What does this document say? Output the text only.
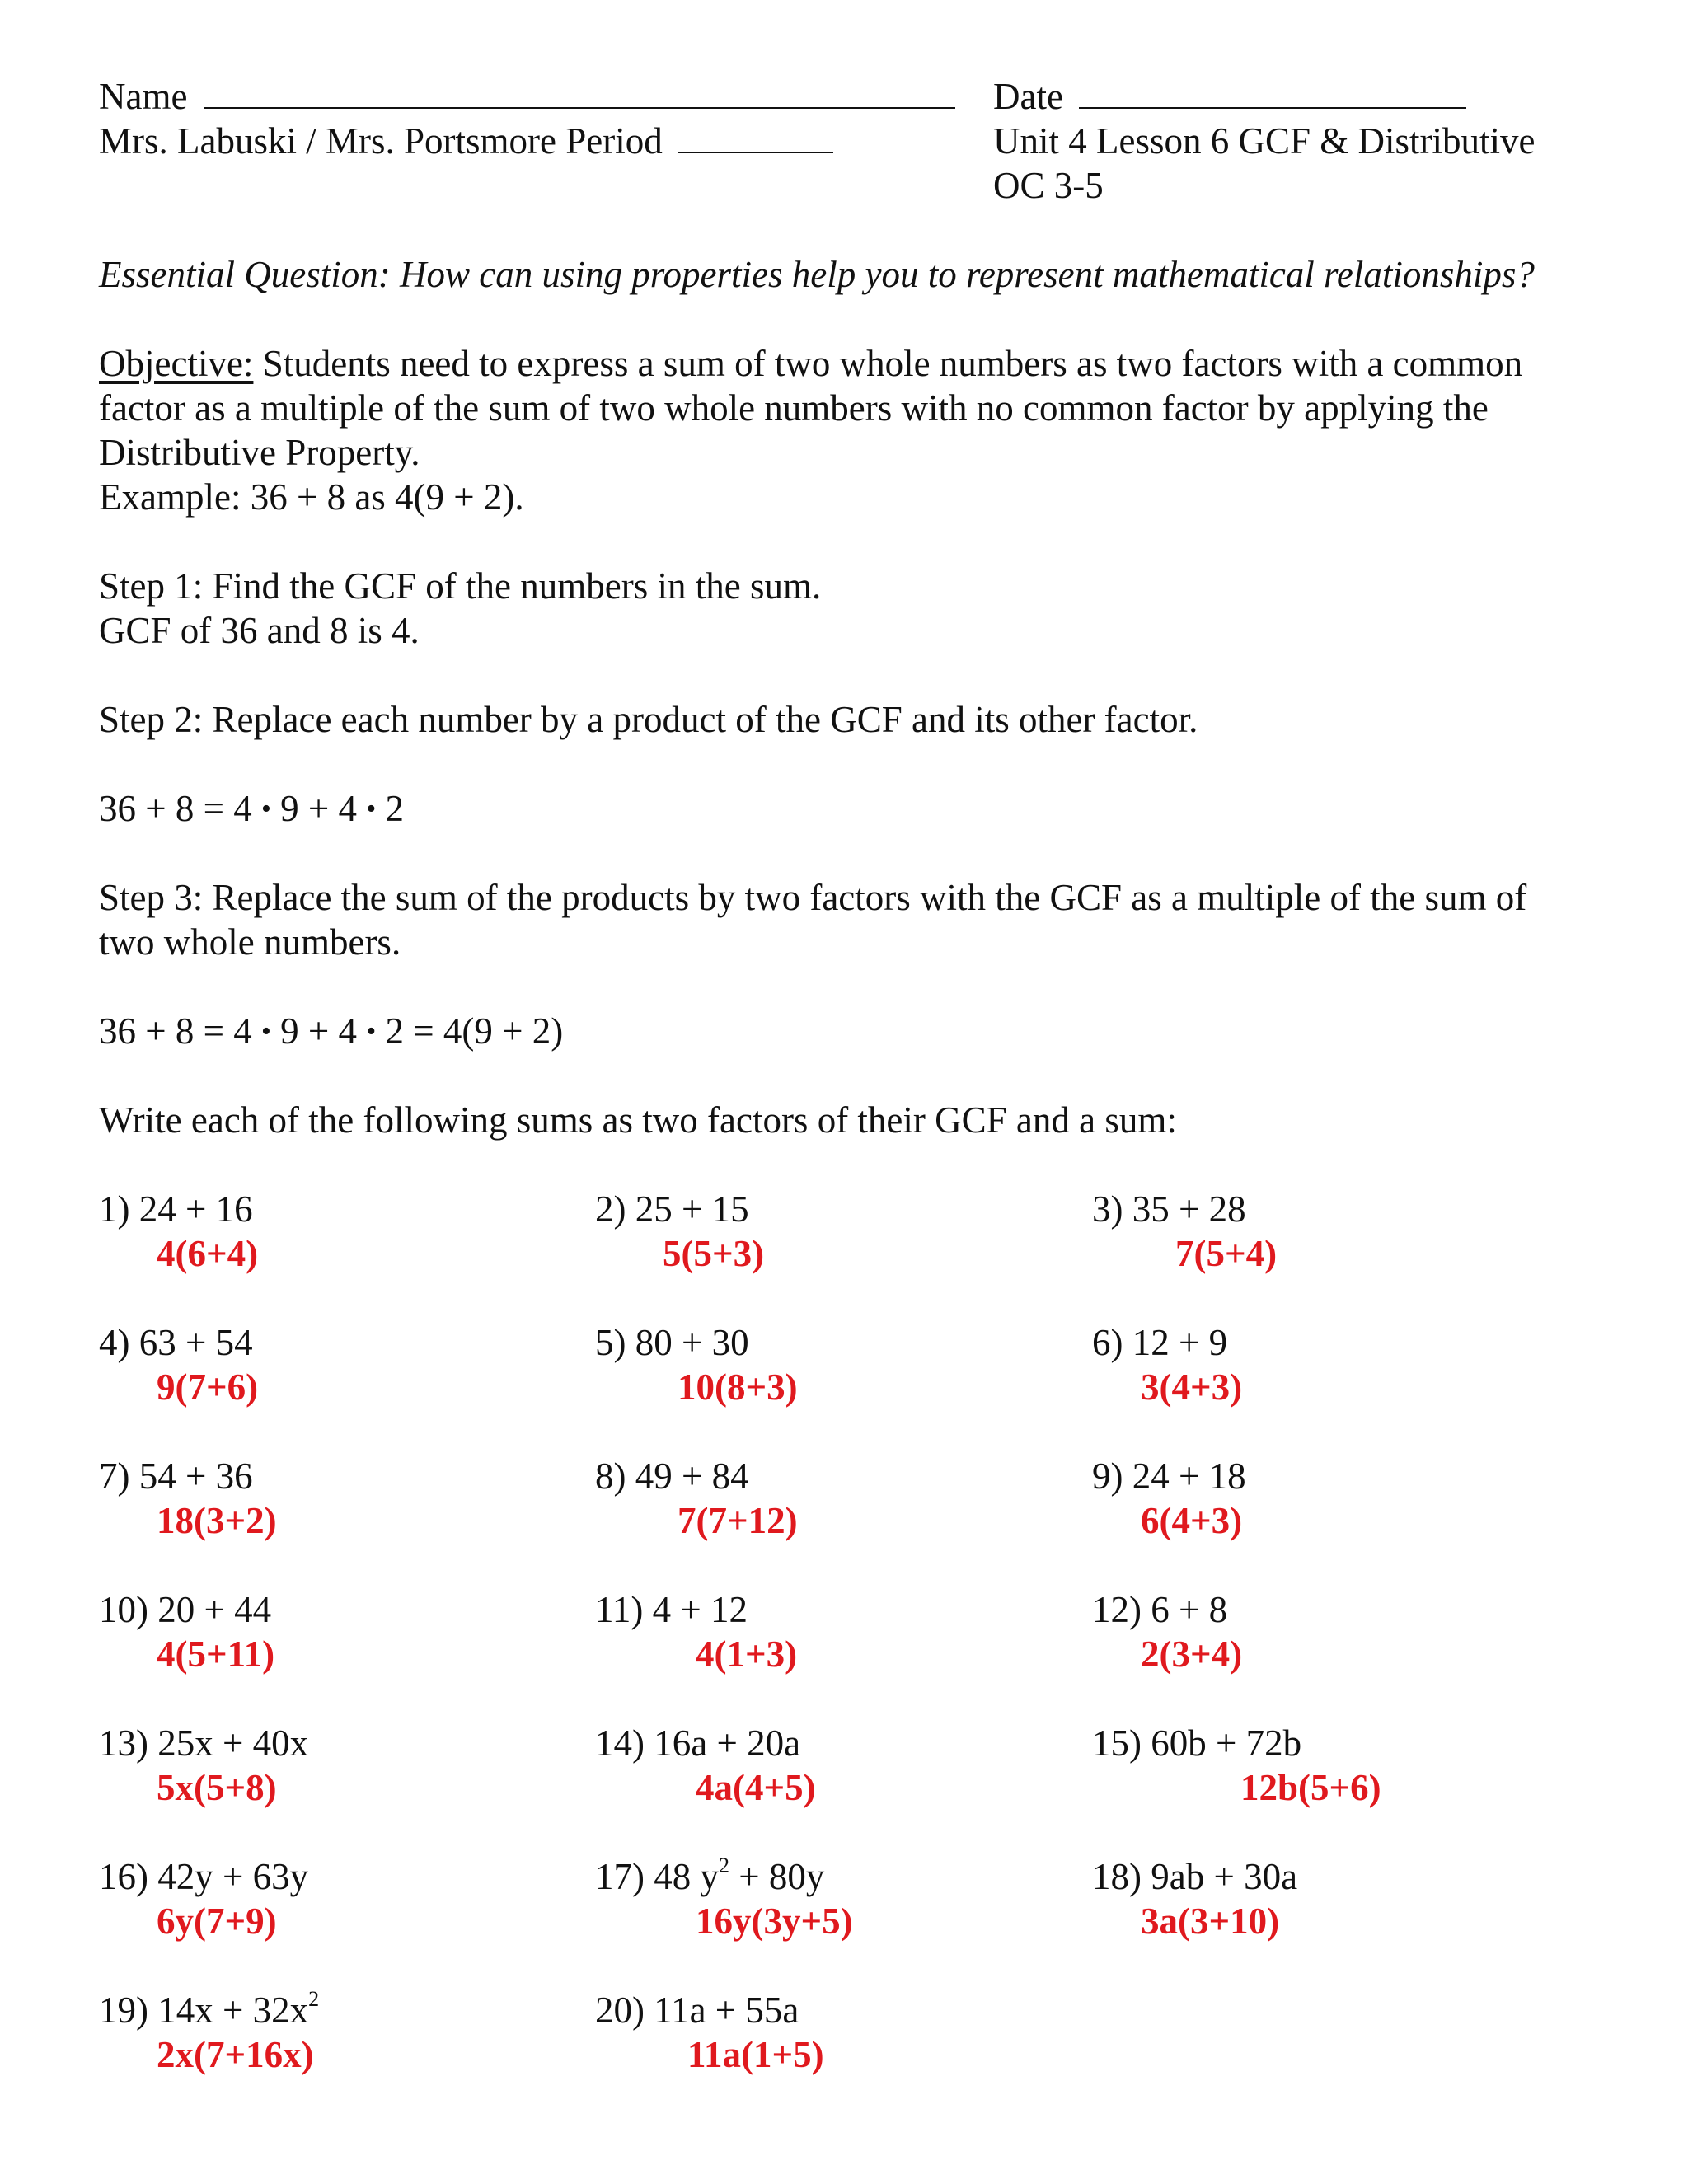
Name	Date
Mrs. Labuski / Mrs. Portsmore Period	Unit 4 Lesson 6 GCF & Distributive
OC 3-5
Essential Question: How can using properties help you to represent mathematical relationships?
Objective: Students need to express a sum of two whole numbers as two factors with a common
factor as a multiple of the sum of two whole numbers with no common factor by applying the
Distributive Property.
Example: 36 + 8 as 4(9 + 2).
Step 1: Find the GCF of the numbers in the sum.
GCF of 36 and 8 is 4.
Step 2: Replace each number by a product of the GCF and its other factor.
36 + 8 = 4 • 9 + 4 • 2
Step 3: Replace the sum of the products by two factors with the GCF as a multiple of the sum of
two whole numbers.
36 + 8 = 4 • 9 + 4 • 2 = 4(9 + 2)
Write each of the following sums as two factors of their GCF and a sum:
1) 24 + 16
4(6+4)
2) 25 + 15
5(5+3)
3) 35 + 28
7(5+4)
4) 63 + 54
9(7+6)
5) 80 + 30
10(8+3)
6) 12 + 9
3(4+3)
7) 54 + 36
18(3+2)
8) 49 + 84
7(7+12)
9) 24 + 18
6(4+3)
10) 20 + 44
4(5+11)
11) 4 + 12
4(1+3)
12) 6 + 8
2(3+4)
13) 25x + 40x
5x(5+8)
14) 16a + 20a
4a(4+5)
15) 60b + 72b
12b(5+6)
16) 42y + 63y
6y(7+9)
17) 48 $y^2 + 80y$
16y(3y+5)
18) 9ab + 30a
3a(3+10)
19) $14x + 32x^2$
2x(7+16x)
20) 11a + 55a
11a(1+5)
